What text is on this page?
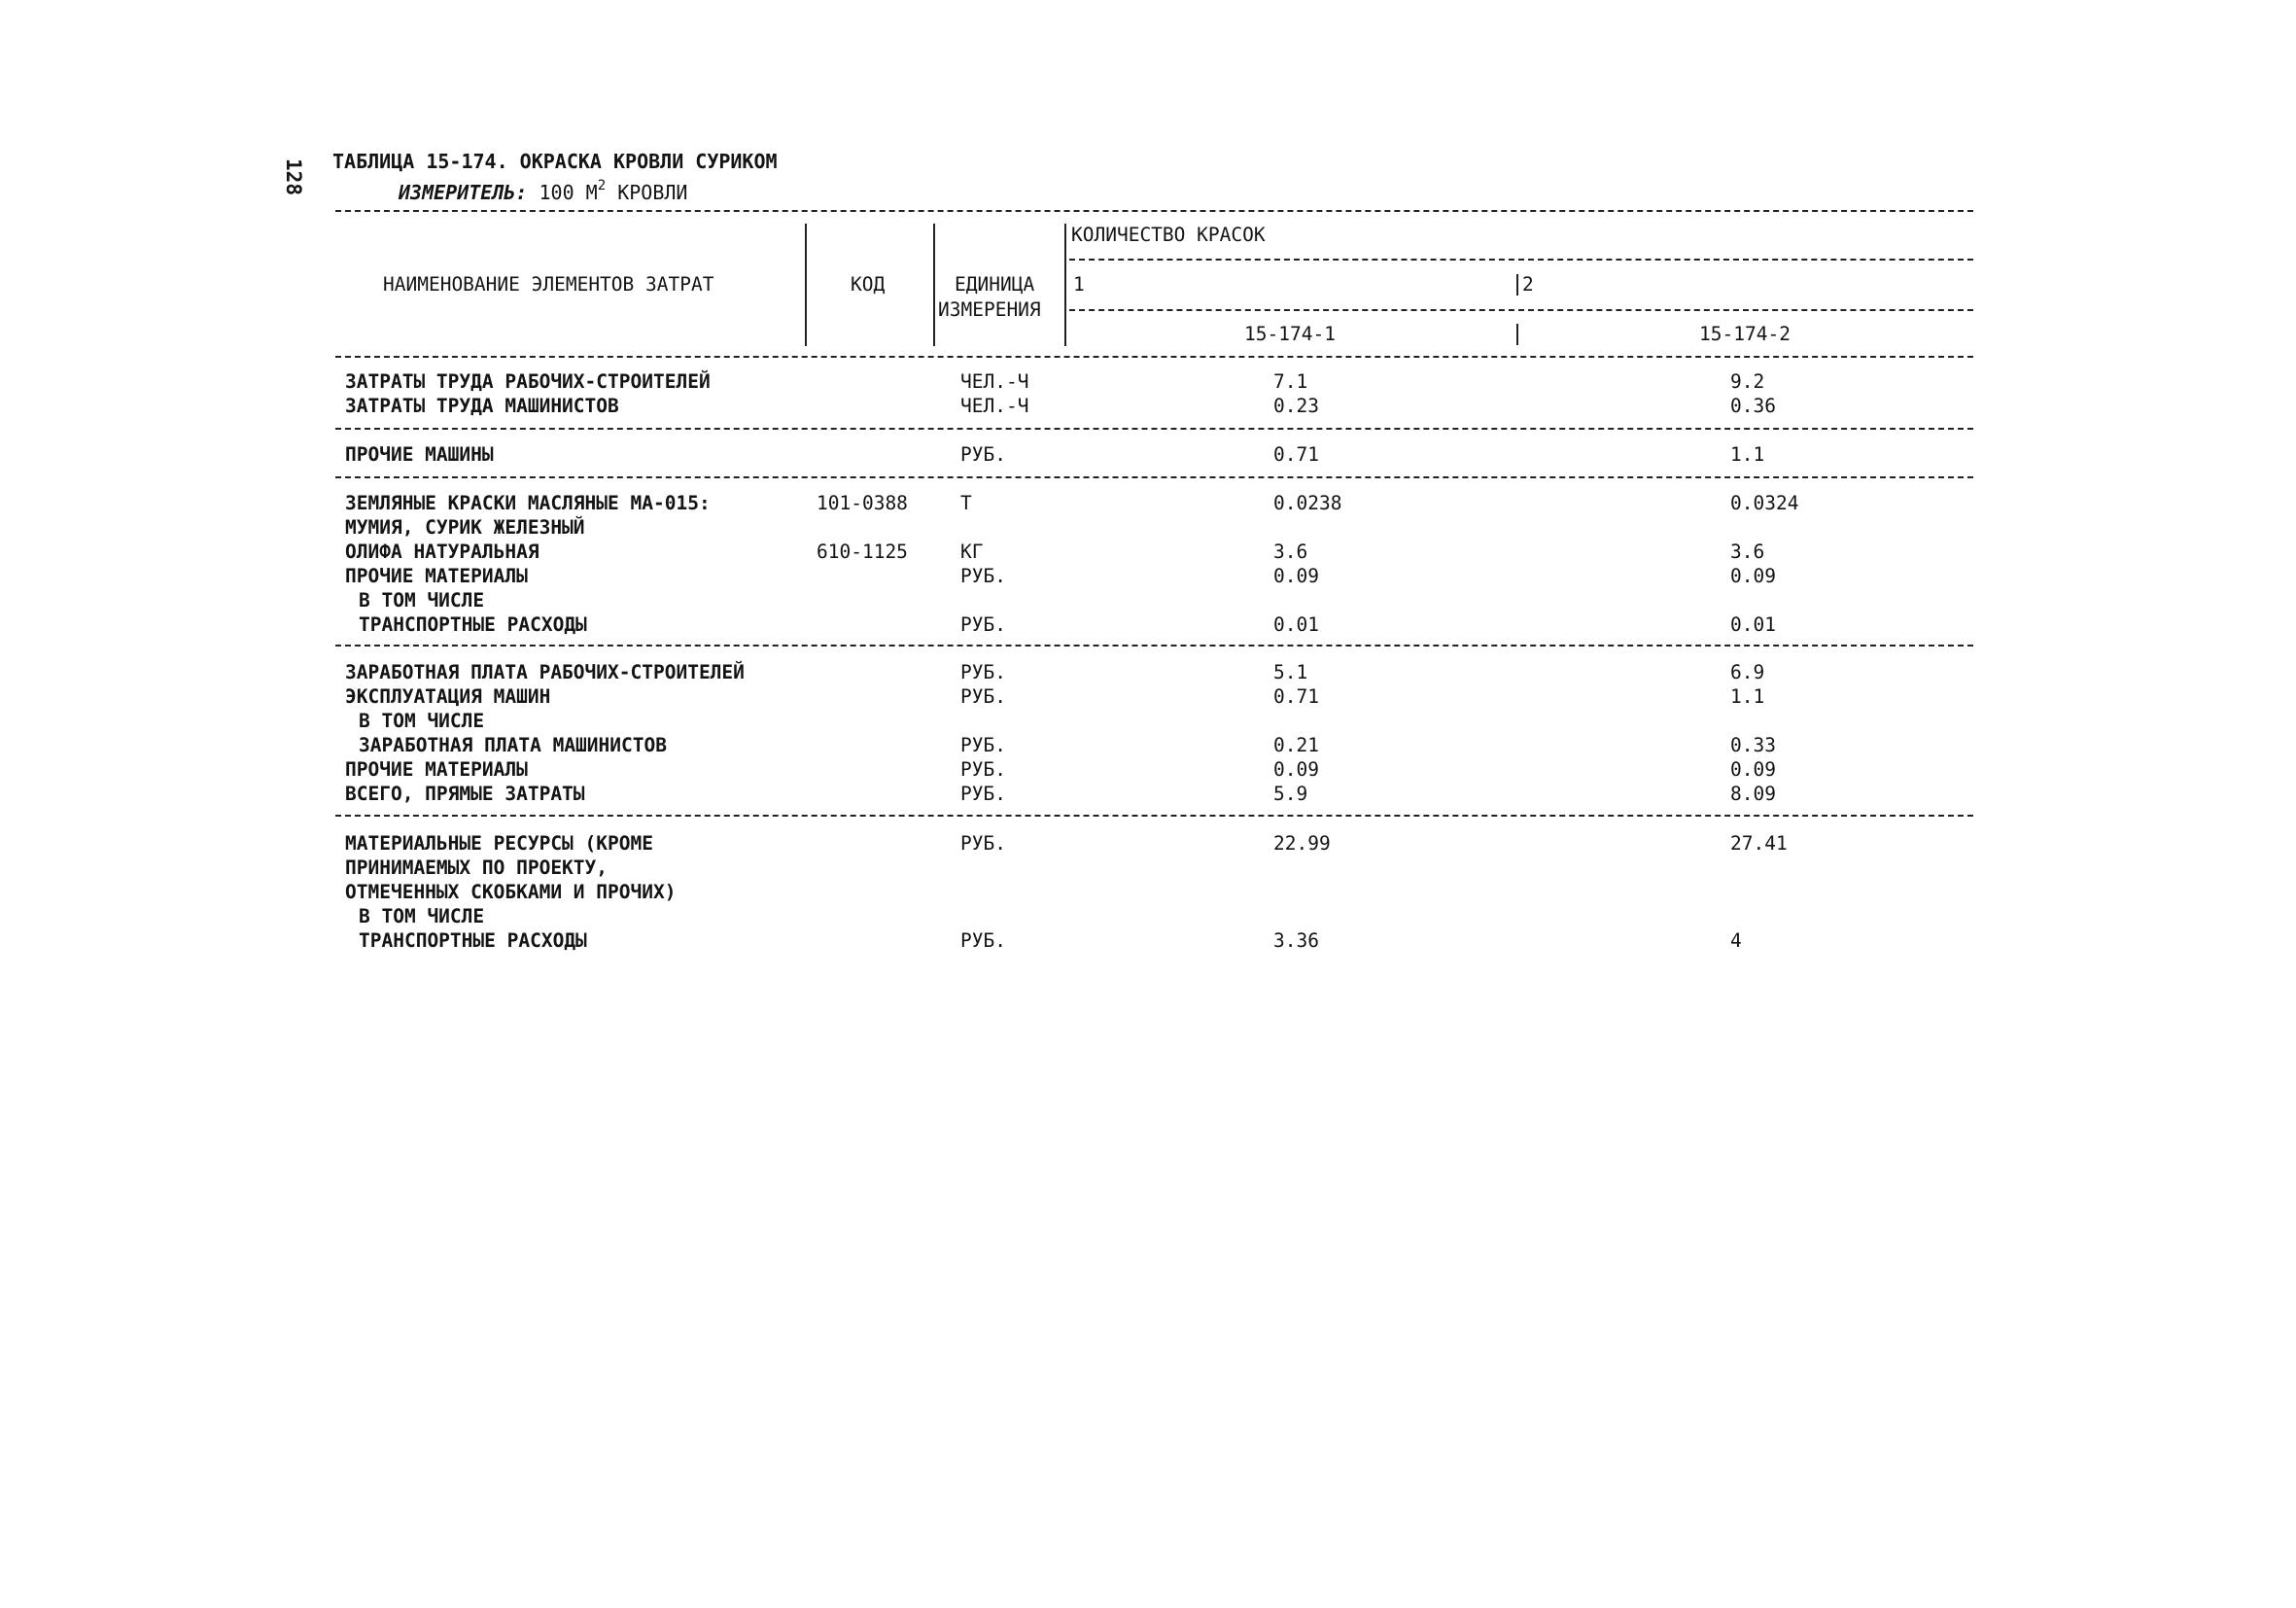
128 ТАБЛИЦА 15-174. ОКРАСКА КРОВЛИ СУРИКОМ
ИЗМЕРИТЕЛЬ: 100 $М^2$ КРОВЛИ
НАИМЕНОВАНИЕ ЭЛЕМЕНТОВ ЗАТРАТ	КОД	ЕДИНИЦА
ИЗМЕРЕНИЯ
КОЛИЧЕСТВО КРАСОК
1	2
15-174-1	15-174-2
ЗАТРАТЫ ТРУДА РАБОЧИХ-СТРОИТЕЛЕЙ	ЧЕЛ.-Ч	7.1	9.2
ЗАТРАТЫ ТРУДА МАШИНИСТОВ	ЧЕЛ.-Ч	0.23	0.36
ПРОЧИЕ МАШИНЫ	РУБ.	0.71	1.1
ЗЕМЛЯНЫЕ КРАСКИ МАСЛЯНЫЕ МА-015:	101-0388	Т	0.0238	0.0324
МУМИЯ, СУРИК ЖЕЛЕЗНЫЙ
ОЛИФА НАТУРАЛЬНАЯ	610-1125	КГ	3.6	3.6
ПРОЧИЕ МАТЕРИАЛЫ	РУБ.	0.09	0.09
В ТОМ ЧИСЛЕ
ТРАНСПОРТНЫЕ РАСХОДЫ	РУБ.	0.01	0.01
ЗАРАБОТНАЯ ПЛАТА РАБОЧИХ-СТРОИТЕЛЕЙ	РУБ.	5.1	6.9
ЭКСПЛУАТАЦИЯ МАШИН	РУБ.	0.71	1.1
В ТОМ ЧИСЛЕ
ЗАРАБОТНАЯ ПЛАТА МАШИНИСТОВ	РУБ.	0.21	0.33
ПРОЧИЕ МАТЕРИАЛЫ	РУБ.	0.09	0.09
ВСЕГО, ПРЯМЫЕ ЗАТРАТЫ	РУБ.	5.9	8.09
МАТЕРИАЛЬНЫЕ РЕСУРСЫ (КРОМЕ	РУБ.	22.99	27.41
ПРИНИМАЕМЫХ ПО ПРОЕКТУ,
ОТМЕЧЕННЫХ СКОБКАМИ И ПРОЧИХ)
В ТОМ ЧИСЛЕ
ТРАНСПОРТНЫЕ РАСХОДЫ	РУБ.	3.36	4
